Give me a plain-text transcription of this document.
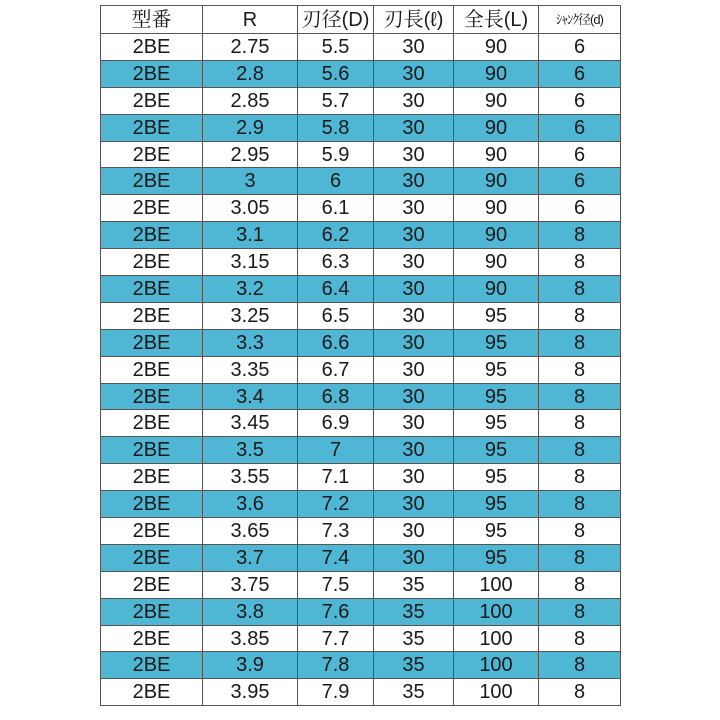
型番	R	刃径(D)	刃長(ℓ)	全長(L)	ｼｬﾝｸ径(d)
2BE	2.75	5.5	30	90	6
2BE	2.8	5.6	30	90	6
2BE	2.85	5.7	30	90	6
2BE	2.9	5.8	30	90	6
2BE	2.95	5.9	30	90	6
2BE	3	6	30	90	6
2BE	3.05	6.1	30	90	6
2BE	3.1	6.2	30	90	8
2BE	3.15	6.3	30	90	8
2BE	3.2	6.4	30	90	8
2BE	3.25	6.5	30	95	8
2BE	3.3	6.6	30	95	8
2BE	3.35	6.7	30	95	8
2BE	3.4	6.8	30	95	8
2BE	3.45	6.9	30	95	8
2BE	3.5	7	30	95	8
2BE	3.55	7.1	30	95	8
2BE	3.6	7.2	30	95	8
2BE	3.65	7.3	30	95	8
2BE	3.7	7.4	30	95	8
2BE	3.75	7.5	35	100	8
2BE	3.8	7.6	35	100	8
2BE	3.85	7.7	35	100	8
2BE	3.9	7.8	35	100	8
2BE	3.95	7.9	35	100	8
